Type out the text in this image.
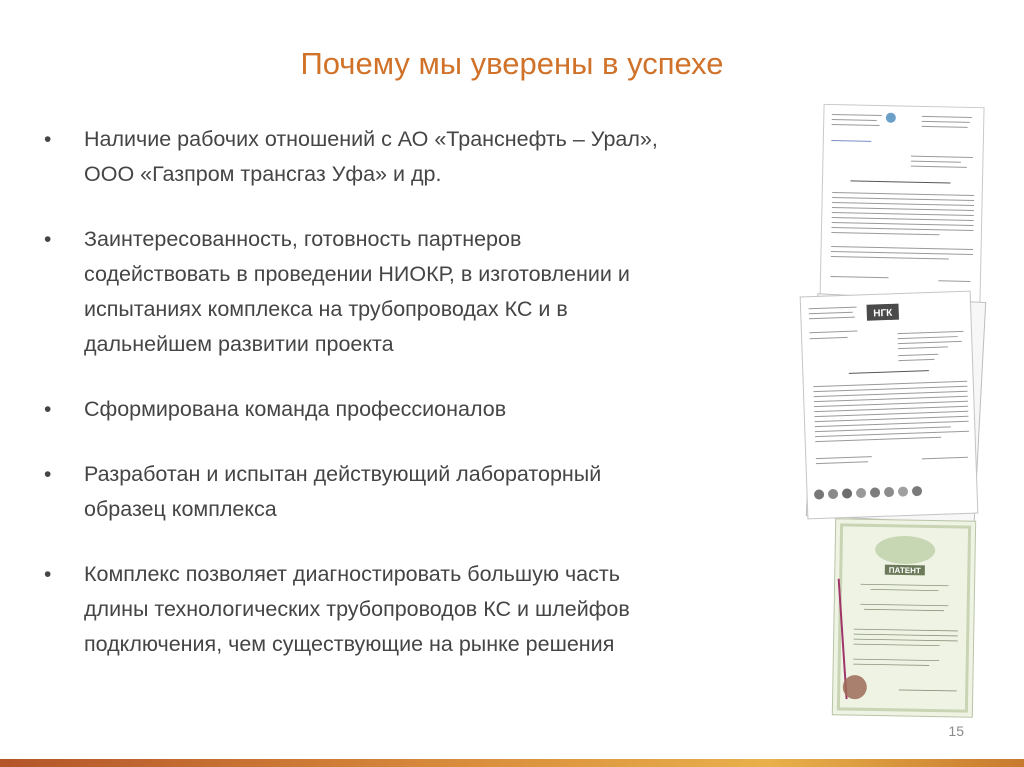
Почему мы уверены в успехе
•	Наличие рабочих отношений с АО «Транснефть – Урал»,
ООО «Газпром трансгаз Уфа» и др.
•	Заинтересованность, готовность партнеров
содействовать в проведении НИОКР, в изготовлении и
испытаниях комплекса на трубопроводах КС и в
дальнейшем развитии проекта
•	Сформирована команда профессионалов
•	Разработан и испытан действующий лабораторный
образец комплекса
•	Комплекс позволяет диагностировать большую часть
длины технологических трубопроводов КС и шлейфов
подключения, чем существующие на рынке решения
НГК
ПАТЕНТ
15
